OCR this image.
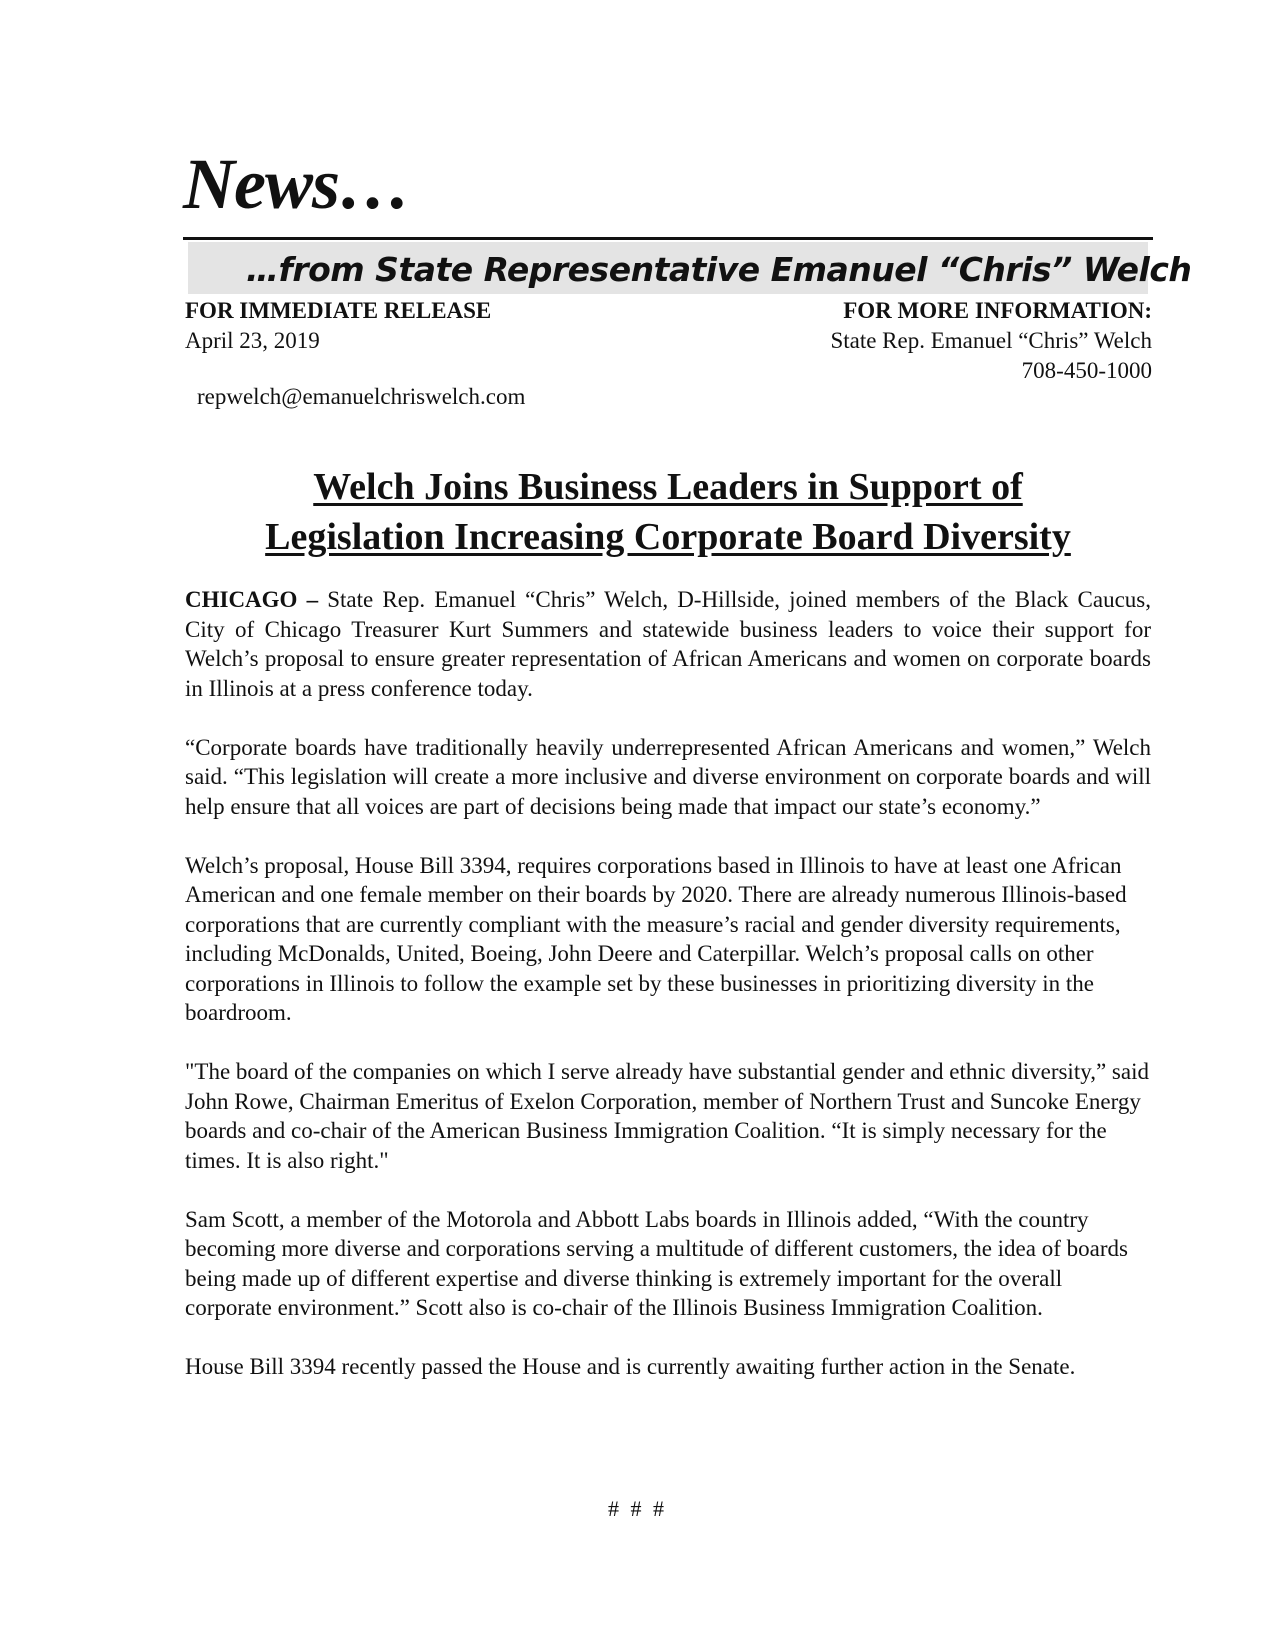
News…
…from State Representative Emanuel “Chris” Welch
FOR IMMEDIATE RELEASE
April 23, 2019
FOR MORE INFORMATION:
State Rep. Emanuel “Chris” Welch
708-450-1000
repwelch@emanuelchriswelch.com
Welch Joins Business Leaders in Support of
Legislation Increasing Corporate Board Diversity

CHICAGO – State Rep. Emanuel “Chris” Welch, D-Hillside, joined members of the Black Caucus, City of Chicago Treasurer Kurt Summers and statewide business leaders to voice their support for Welch’s proposal to ensure greater representation of African Americans and women on corporate boards in Illinois at a press conference today.

“Corporate boards have traditionally heavily underrepresented African Americans and women,” Welch said. “This legislation will create a more inclusive and diverse environment on corporate boards and will help ensure that all voices are part of decisions being made that impact our state’s economy.”

Welch’s proposal, House Bill 3394, requires corporations based in Illinois to have at least one African American and one female member on their boards by 2020. There are already numerous Illinois-based corporations that are currently compliant with the measure’s racial and gender diversity requirements, including McDonalds, United, Boeing, John Deere and Caterpillar. Welch’s proposal calls on other corporations in Illinois to follow the example set by these businesses in prioritizing diversity in the boardroom.

"The board of the companies on which I serve already have substantial gender and ethnic diversity,” said John Rowe, Chairman Emeritus of Exelon Corporation, member of Northern Trust and Suncoke Energy boards and co-chair of the American Business Immigration Coalition. “It is simply necessary for the times. It is also right."

Sam Scott, a member of the Motorola and Abbott Labs boards in Illinois added, “With the country becoming more diverse and corporations serving a multitude of different customers, the idea of boards being made up of different expertise and diverse thinking is extremely important for the overall corporate environment.” Scott also is co-chair of the Illinois Business Immigration Coalition.

House Bill 3394 recently passed the House and is currently awaiting further action in the Senate.

# # #
